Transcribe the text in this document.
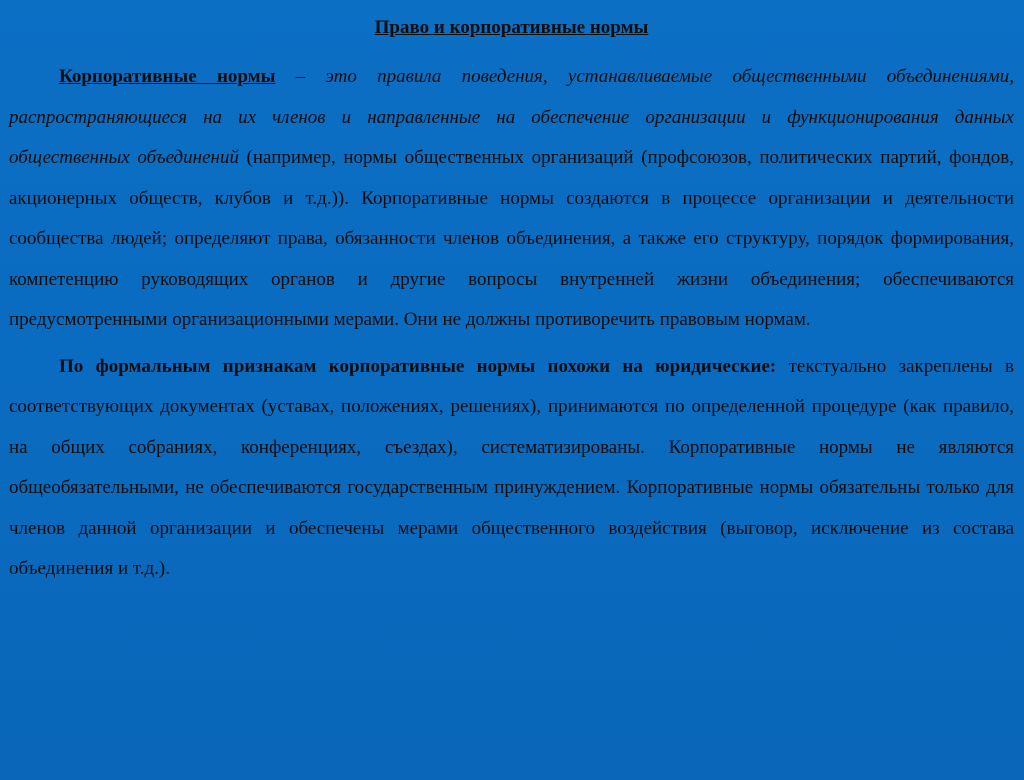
Право и корпоративные нормы

Корпоративные нормы – это правила поведения, устанавливаемые общественными объединениями, распространяющиеся на их членов и направленные на обеспечение организации и функционирования данных общественных объединений (например, нормы общественных организаций (профсоюзов, политических партий, фондов, акционерных обществ, клубов и т.д.)). Корпоративные нормы создаются в процессе организации и деятельности сообщества людей; определяют права, обязанности членов объединения, а также его структуру, порядок формирования, компетенцию руководящих органов и другие вопросы внутренней жизни объединения; обеспечиваются предусмотренными организационными мерами. Они не должны противоречить правовым нормам.

По формальным признакам корпоративные нормы похожи на юридические: текстуально закреплены в соответствующих документах (уставах, положениях, решениях), принимаются по определенной процедуре (как правило, на общих собраниях, конференциях, съездах), систематизированы. Корпоративные нормы не являются общеобязательными, не обеспечиваются государственным принуждением. Корпоративные нормы обязательны только для членов данной организации и обеспечены мерами общественного воздействия (выговор, исключение из состава объединения и т.д.).
